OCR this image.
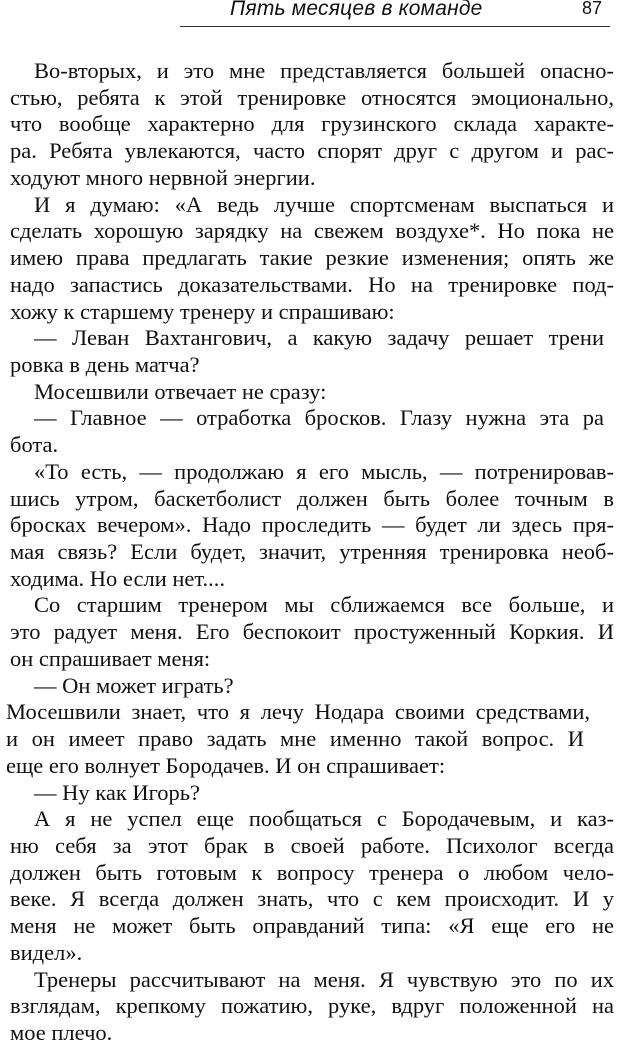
Пять месяцев в команде	87
Во-вторых, и это мне представляется большей опасно-
стью, ребята к этой тренировке относятся эмоционально,
что вообще характерно для грузинского склада характе-
ра. Ребята увлекаются, часто спорят друг с другом и рас-
ходуют много нервной энергии.
И я думаю: «А ведь лучше спортсменам выспаться и
сделать хорошую зарядку на свежем воздухе*. Но пока не
имею права предлагать такие резкие изменения; опять же
надо запастись доказательствами. Но на тренировке под-
хожу к старшему тренеру и спрашиваю:
— Леван Вахтангович, а какую задачу решает трени
ровка в день матча?
Мосешвили отвечает не сразу:
— Главное — отработка бросков. Глазу нужна эта ра
бота.
«То есть, — продолжаю я его мысль, — потренировав-
шись утром, баскетболист должен быть более точным в
бросках вечером». Надо проследить — будет ли здесь пря-
мая связь? Если будет, значит, утренняя тренировка необ-
ходима. Но если нет....
Со старшим тренером мы сближаемся все больше, и
это радует меня. Его беспокоит простуженный Коркия. И
он спрашивает меня:
— Он может играть?
Мосешвили знает, что я лечу Нодара своими средствами,
и он имеет право задать мне именно такой вопрос. И
еще его волнует Бородачев. И он спрашивает:
— Ну как Игорь?
А я не успел еще пообщаться с Бородачевым, и каз-
ню себя за этот брак в своей работе. Психолог всегда
должен быть готовым к вопросу тренера о любом чело-
веке. Я всегда должен знать, что с кем происходит. И у
меня не может быть оправданий типа: «Я еще его не
видел».
Тренеры рассчитывают на меня. Я чувствую это по их
взглядам, крепкому пожатию, руке, вдруг положенной на
мое плечо.
